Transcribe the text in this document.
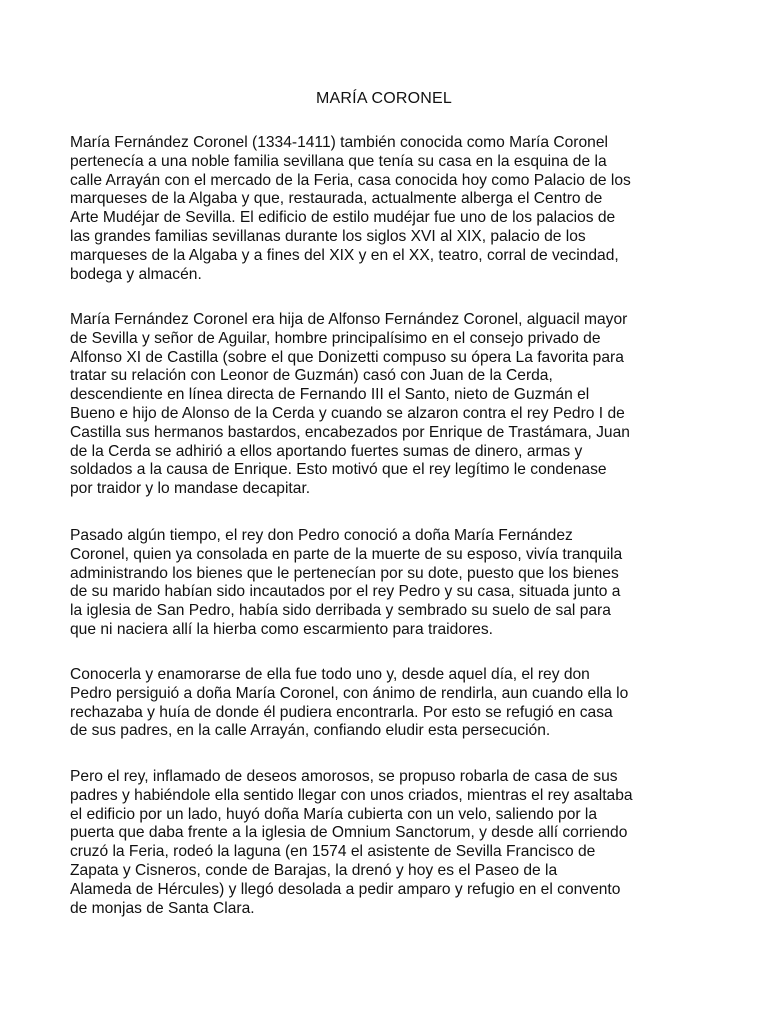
MARÍA CORONEL
María Fernández Coronel (1334-1411) también conocida como María Coronel
pertenecía a una noble familia sevillana que tenía su casa en la esquina de la
calle Arrayán con el mercado de la Feria, casa conocida hoy como Palacio de los
marqueses de la Algaba y que, restaurada, actualmente alberga el Centro de
Arte Mudéjar de Sevilla. El edificio de estilo mudéjar fue uno de los palacios de
las grandes familias sevillanas durante los siglos XVI al XIX, palacio de los
marqueses de la Algaba y a fines del XIX y en el XX, teatro, corral de vecindad,
bodega y almacén.
María Fernández Coronel era hija de Alfonso Fernández Coronel, alguacil mayor
de Sevilla y señor de Aguilar, hombre principalísimo en el consejo privado de
Alfonso XI de Castilla (sobre el que Donizetti compuso su ópera La favorita para
tratar su relación con Leonor de Guzmán) casó con Juan de la Cerda,
descendiente en línea directa de Fernando III el Santo, nieto de Guzmán el
Bueno e hijo de Alonso de la Cerda y cuando se alzaron contra el rey Pedro I de
Castilla sus hermanos bastardos, encabezados por Enrique de Trastámara, Juan
de la Cerda se adhirió a ellos aportando fuertes sumas de dinero, armas y
soldados a la causa de Enrique. Esto motivó que el rey legítimo le condenase
por traidor y lo mandase decapitar.
Pasado algún tiempo, el rey don Pedro conoció a doña María Fernández
Coronel, quien ya consolada en parte de la muerte de su esposo, vivía tranquila
administrando los bienes que le pertenecían por su dote, puesto que los bienes
de su marido habían sido incautados por el rey Pedro y su casa, situada junto a
la iglesia de San Pedro, había sido derribada y sembrado su suelo de sal para
que ni naciera allí la hierba como escarmiento para traidores.
Conocerla y enamorarse de ella fue todo uno y, desde aquel día, el rey don
Pedro persiguió a doña María Coronel, con ánimo de rendirla, aun cuando ella lo
rechazaba y huía de donde él pudiera encontrarla. Por esto se refugió en casa
de sus padres, en la calle Arrayán, confiando eludir esta persecución.
Pero el rey, inflamado de deseos amorosos, se propuso robarla de casa de sus
padres y habiéndole ella sentido llegar con unos criados, mientras el rey asaltaba
el edificio por un lado, huyó doña María cubierta con un velo, saliendo por la
puerta que daba frente a la iglesia de Omnium Sanctorum, y desde allí corriendo
cruzó la Feria, rodeó la laguna (en 1574 el asistente de Sevilla Francisco de
Zapata y Cisneros, conde de Barajas, la drenó y hoy es el Paseo de la
Alameda de Hércules) y llegó desolada a pedir amparo y refugio en el convento
de monjas de Santa Clara.
